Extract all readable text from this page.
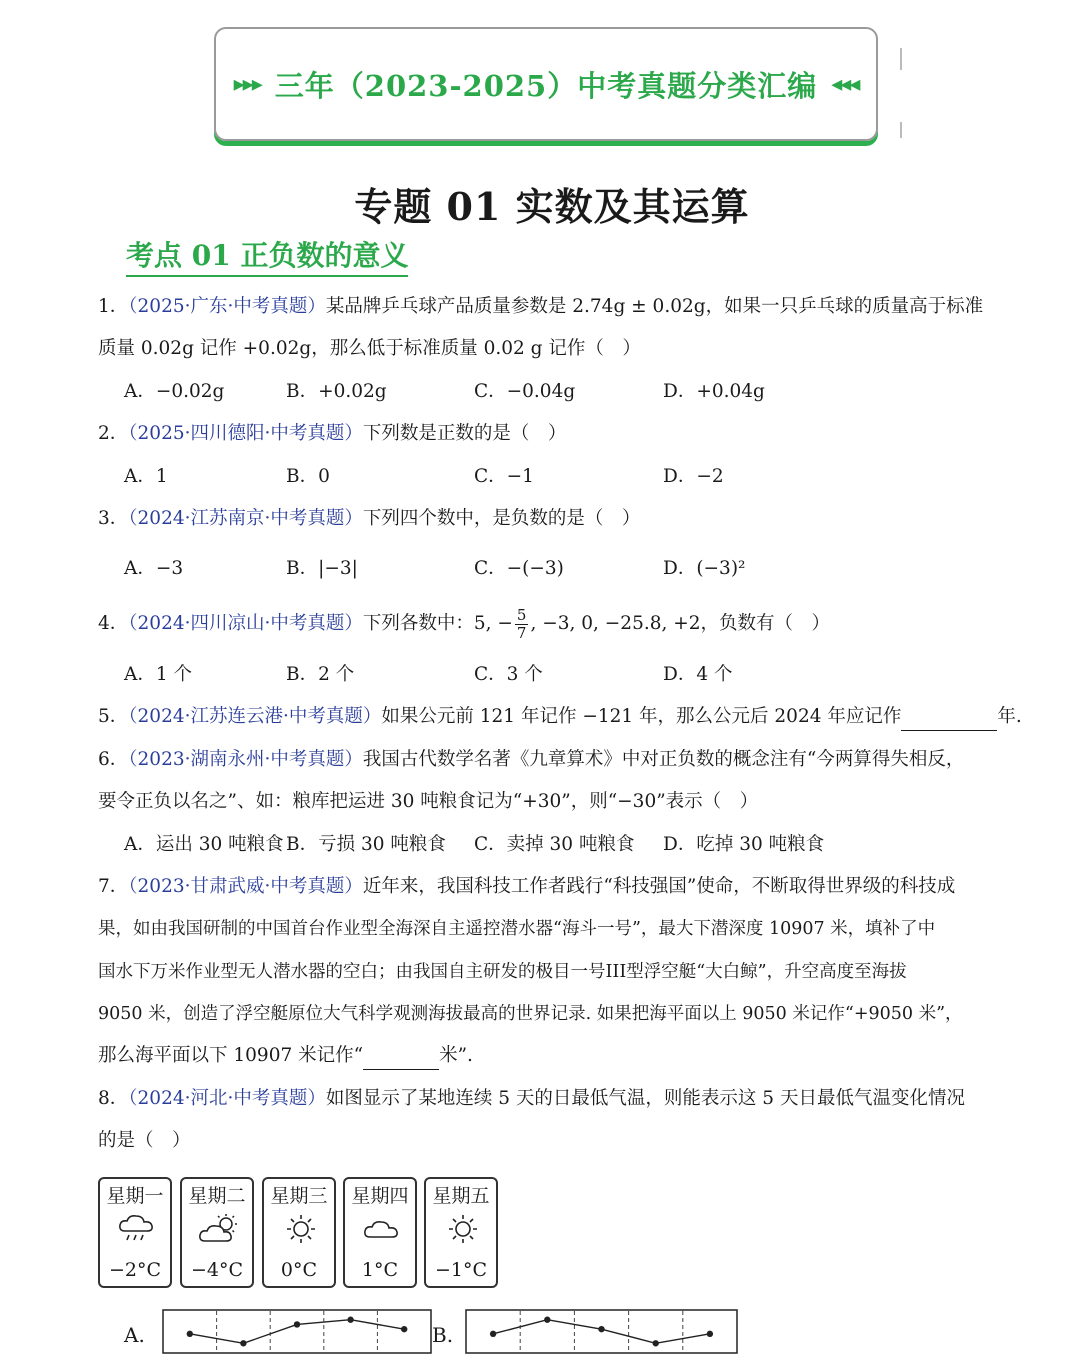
▸▸▸ 三年（2023-2025）中考真题分类汇编 ◂◂◂
专题 01 实数及其运算
考点 01 正负数的意义
1．（2025·广东·中考真题）某品牌乒乓球产品质量参数是 2.74g ± 0.02g，如果一只乒乓球的质量高于标准
质量 0.02g 记作 +0.02g，那么低于标准质量 0.02 g 记作（　）
A．−0.02g	B．+0.02g	C．−0.04g	D．+0.04g
2．（2025·四川德阳·中考真题）下列数是正数的是（　）
A．1	B．0	C．−1	D．−2
3．（2024·江苏南京·中考真题）下列四个数中，是负数的是（　）
A．−3	B．|−3|	C．−(−3)	D．(−3)²
4．（2024·四川凉山·中考真题）下列各数中：5, − $\frac{5}{7}$ , −3, 0, −25.8, +2，负数有（　）
A．1 个	B．2 个	C．3 个	D．4 个
5．（2024·江苏连云港·中考真题）如果公元前 121 年记作 −121 年，那么公元后 2024 年应记作	年.
6．（2023·湖南永州·中考真题）我国古代数学名著《九章算术》中对正负数的概念注有“今两算得失相反，
要令正负以名之”、如：粮库把运进 30 吨粮食记为“+30”，则“−30”表示（　）
A．运出 30 吨粮食 B．亏损 30 吨粮食 C．卖掉 30 吨粮食 D．吃掉 30 吨粮食
7．（2023·甘肃武威·中考真题）近年来，我国科技工作者践行“科技强国”使命，不断取得世界级的科技成
果，如由我国研制的中国首台作业型全海深自主遥控潜水器“海斗一号”，最大下潜深度 10907 米，填补了中
国水下万米作业型无人潜水器的空白；由我国自主研发的极目一号III型浮空艇“大白鲸”，升空高度至海拔
9050 米，创造了浮空艇原位大气科学观测海拔最高的世界记录. 如果把海平面以上 9050 米记作“+9050 米”，
那么海平面以下 10907 米记作“	米”.
8．（2024·河北·中考真题）如图显示了某地连续 5 天的日最低气温，则能表示这 5 天日最低气温变化情况
的是（　）
星期一
−2°C
星期二
−4°C
星期三
0°C
星期四
1°C
星期五
−1°C
A.	B.
